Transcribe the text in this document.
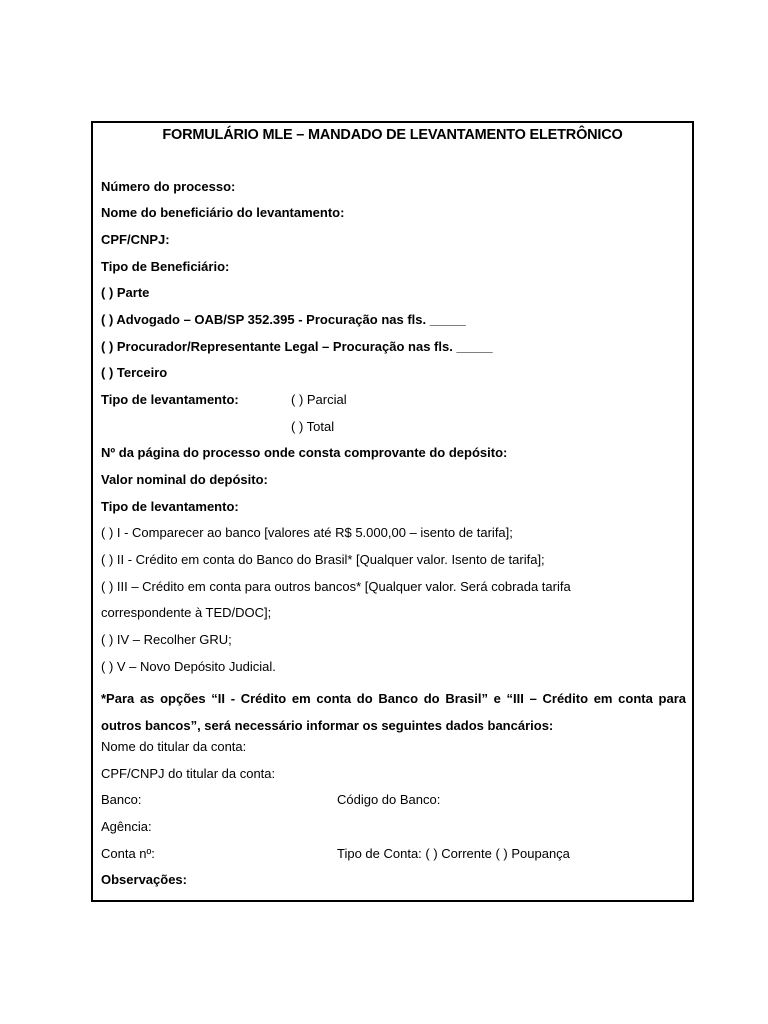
FORMULÁRIO MLE – MANDADO DE LEVANTAMENTO ELETRÔNICO
Número do processo:
Nome do beneficiário do levantamento:
CPF/CNPJ:
Tipo de Beneficiário:
( ) Parte
( ) Advogado – OAB/SP 352.395 - Procuração nas fls. _____
( ) Procurador/Representante Legal – Procuração nas fls. _____
( ) Terceiro
Tipo de levantamento:	( ) Parcial
( ) Total
Nº da página do processo onde consta comprovante do depósito:
Valor nominal do depósito:
Tipo de levantamento:
( ) I - Comparecer ao banco [valores até R$ 5.000,00 – isento de tarifa];
( ) II - Crédito em conta do Banco do Brasil* [Qualquer valor. Isento de tarifa];
( ) III – Crédito em conta para outros bancos* [Qualquer valor. Será cobrada tarifa
correspondente à TED/DOC];
( ) IV – Recolher GRU;
( ) V – Novo Depósito Judicial.
*Para as opções “II - Crédito em conta do Banco do Brasil” e “III – Crédito em conta para outros bancos”, será necessário informar os seguintes dados bancários:
Nome do titular da conta:
CPF/CNPJ do titular da conta:
Banco:	Código do Banco:
Agência:
Conta nº:	Tipo de Conta: ( ) Corrente ( ) Poupança
Observações:
